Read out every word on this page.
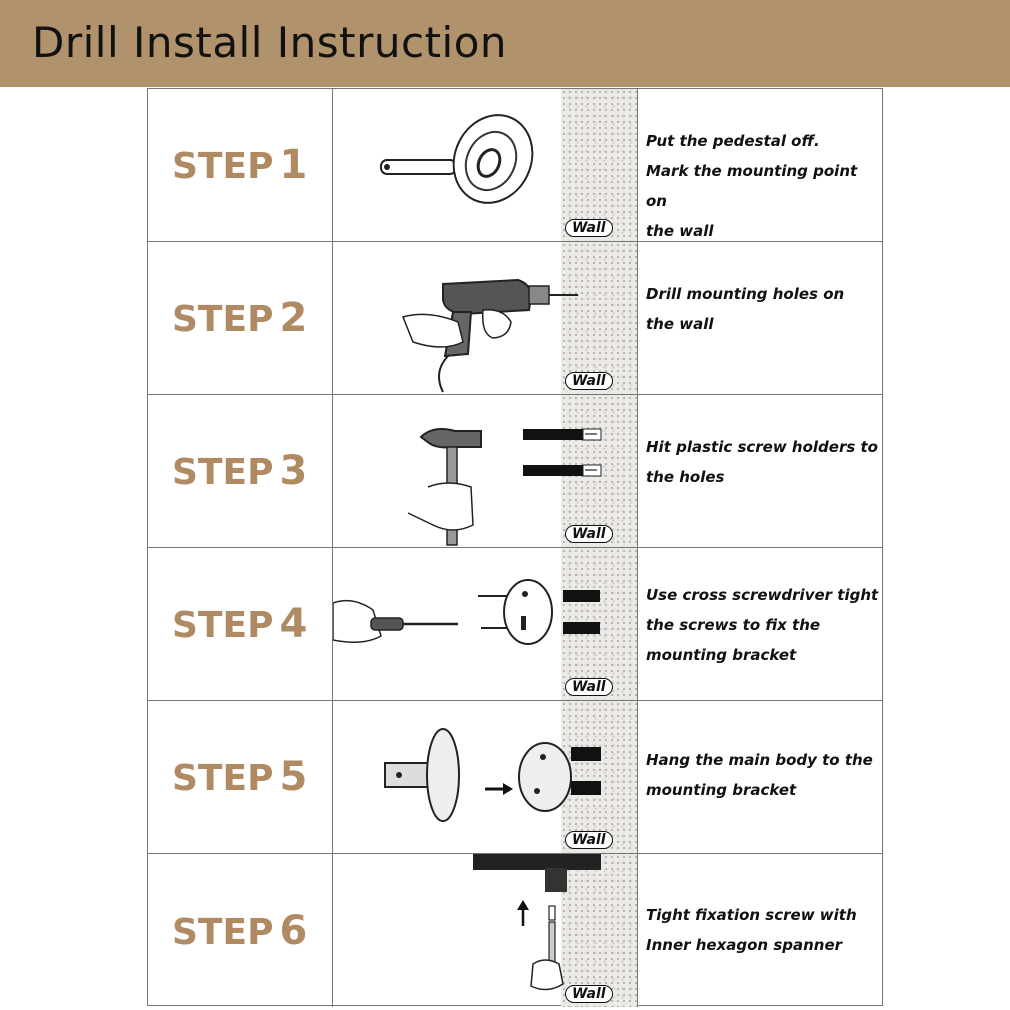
Drill Install Instruction
STEP 1
Wall
Put the pedestal off.
Mark the mounting point on
the wall
STEP 2
Wall
Drill mounting holes on
the wall
STEP 3
Wall
Hit plastic screw holders to
the holes
STEP 4
Wall
Use cross screwdriver tight
the screws to fix the
mounting bracket
STEP 5
Wall
Hang the main body to the
mounting bracket
STEP 6
Wall
Tight fixation screw with
Inner hexagon spanner
